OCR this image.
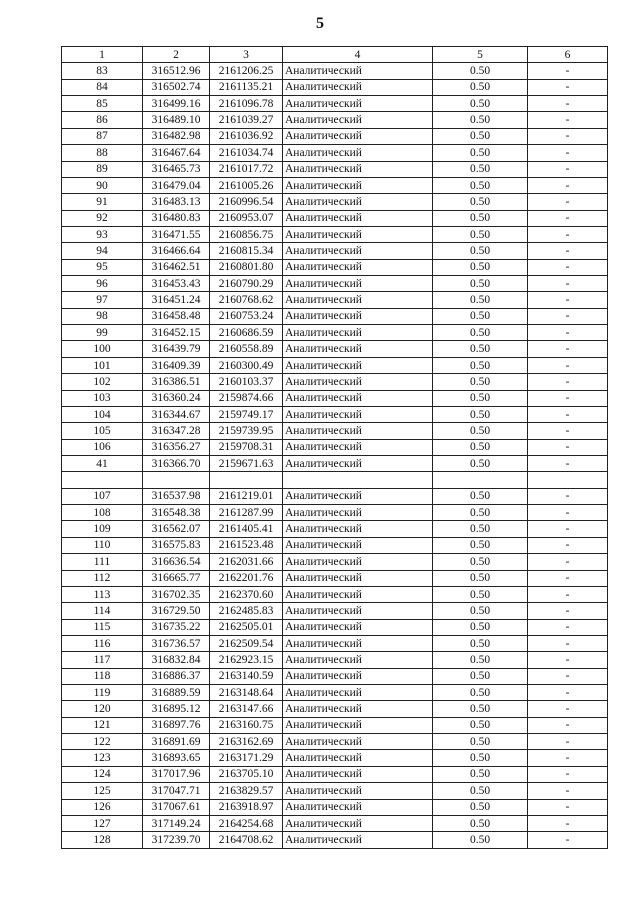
5
1	2	3	4	5	6
83	316512.96	2161206.25	Аналитический	0.50	-
84	316502.74	2161135.21	Аналитический	0.50	-
85	316499.16	2161096.78	Аналитический	0.50	-
86	316489.10	2161039.27	Аналитический	0.50	-
87	316482.98	2161036.92	Аналитический	0.50	-
88	316467.64	2161034.74	Аналитический	0.50	-
89	316465.73	2161017.72	Аналитический	0.50	-
90	316479.04	2161005.26	Аналитический	0.50	-
91	316483.13	2160996.54	Аналитический	0.50	-
92	316480.83	2160953.07	Аналитический	0.50	-
93	316471.55	2160856.75	Аналитический	0.50	-
94	316466.64	2160815.34	Аналитический	0.50	-
95	316462.51	2160801.80	Аналитический	0.50	-
96	316453.43	2160790.29	Аналитический	0.50	-
97	316451.24	2160768.62	Аналитический	0.50	-
98	316458.48	2160753.24	Аналитический	0.50	-
99	316452.15	2160686.59	Аналитический	0.50	-
100	316439.79	2160558.89	Аналитический	0.50	-
101	316409.39	2160300.49	Аналитический	0.50	-
102	316386.51	2160103.37	Аналитический	0.50	-
103	316360.24	2159874.66	Аналитический	0.50	-
104	316344.67	2159749.17	Аналитический	0.50	-
105	316347.28	2159739.95	Аналитический	0.50	-
106	316356.27	2159708.31	Аналитический	0.50	-
41	316366.70	2159671.63	Аналитический	0.50	-

107	316537.98	2161219.01	Аналитический	0.50	-
108	316548.38	2161287.99	Аналитический	0.50	-
109	316562.07	2161405.41	Аналитический	0.50	-
110	316575.83	2161523.48	Аналитический	0.50	-
111	316636.54	2162031.66	Аналитический	0.50	-
112	316665.77	2162201.76	Аналитический	0.50	-
113	316702.35	2162370.60	Аналитический	0.50	-
114	316729.50	2162485.83	Аналитический	0.50	-
115	316735.22	2162505.01	Аналитический	0.50	-
116	316736.57	2162509.54	Аналитический	0.50	-
117	316832.84	2162923.15	Аналитический	0.50	-
118	316886.37	2163140.59	Аналитический	0.50	-
119	316889.59	2163148.64	Аналитический	0.50	-
120	316895.12	2163147.66	Аналитический	0.50	-
121	316897.76	2163160.75	Аналитический	0.50	-
122	316891.69	2163162.69	Аналитический	0.50	-
123	316893.65	2163171.29	Аналитический	0.50	-
124	317017.96	2163705.10	Аналитический	0.50	-
125	317047.71	2163829.57	Аналитический	0.50	-
126	317067.61	2163918.97	Аналитический	0.50	-
127	317149.24	2164254.68	Аналитический	0.50	-
128	317239.70	2164708.62	Аналитический	0.50	-
